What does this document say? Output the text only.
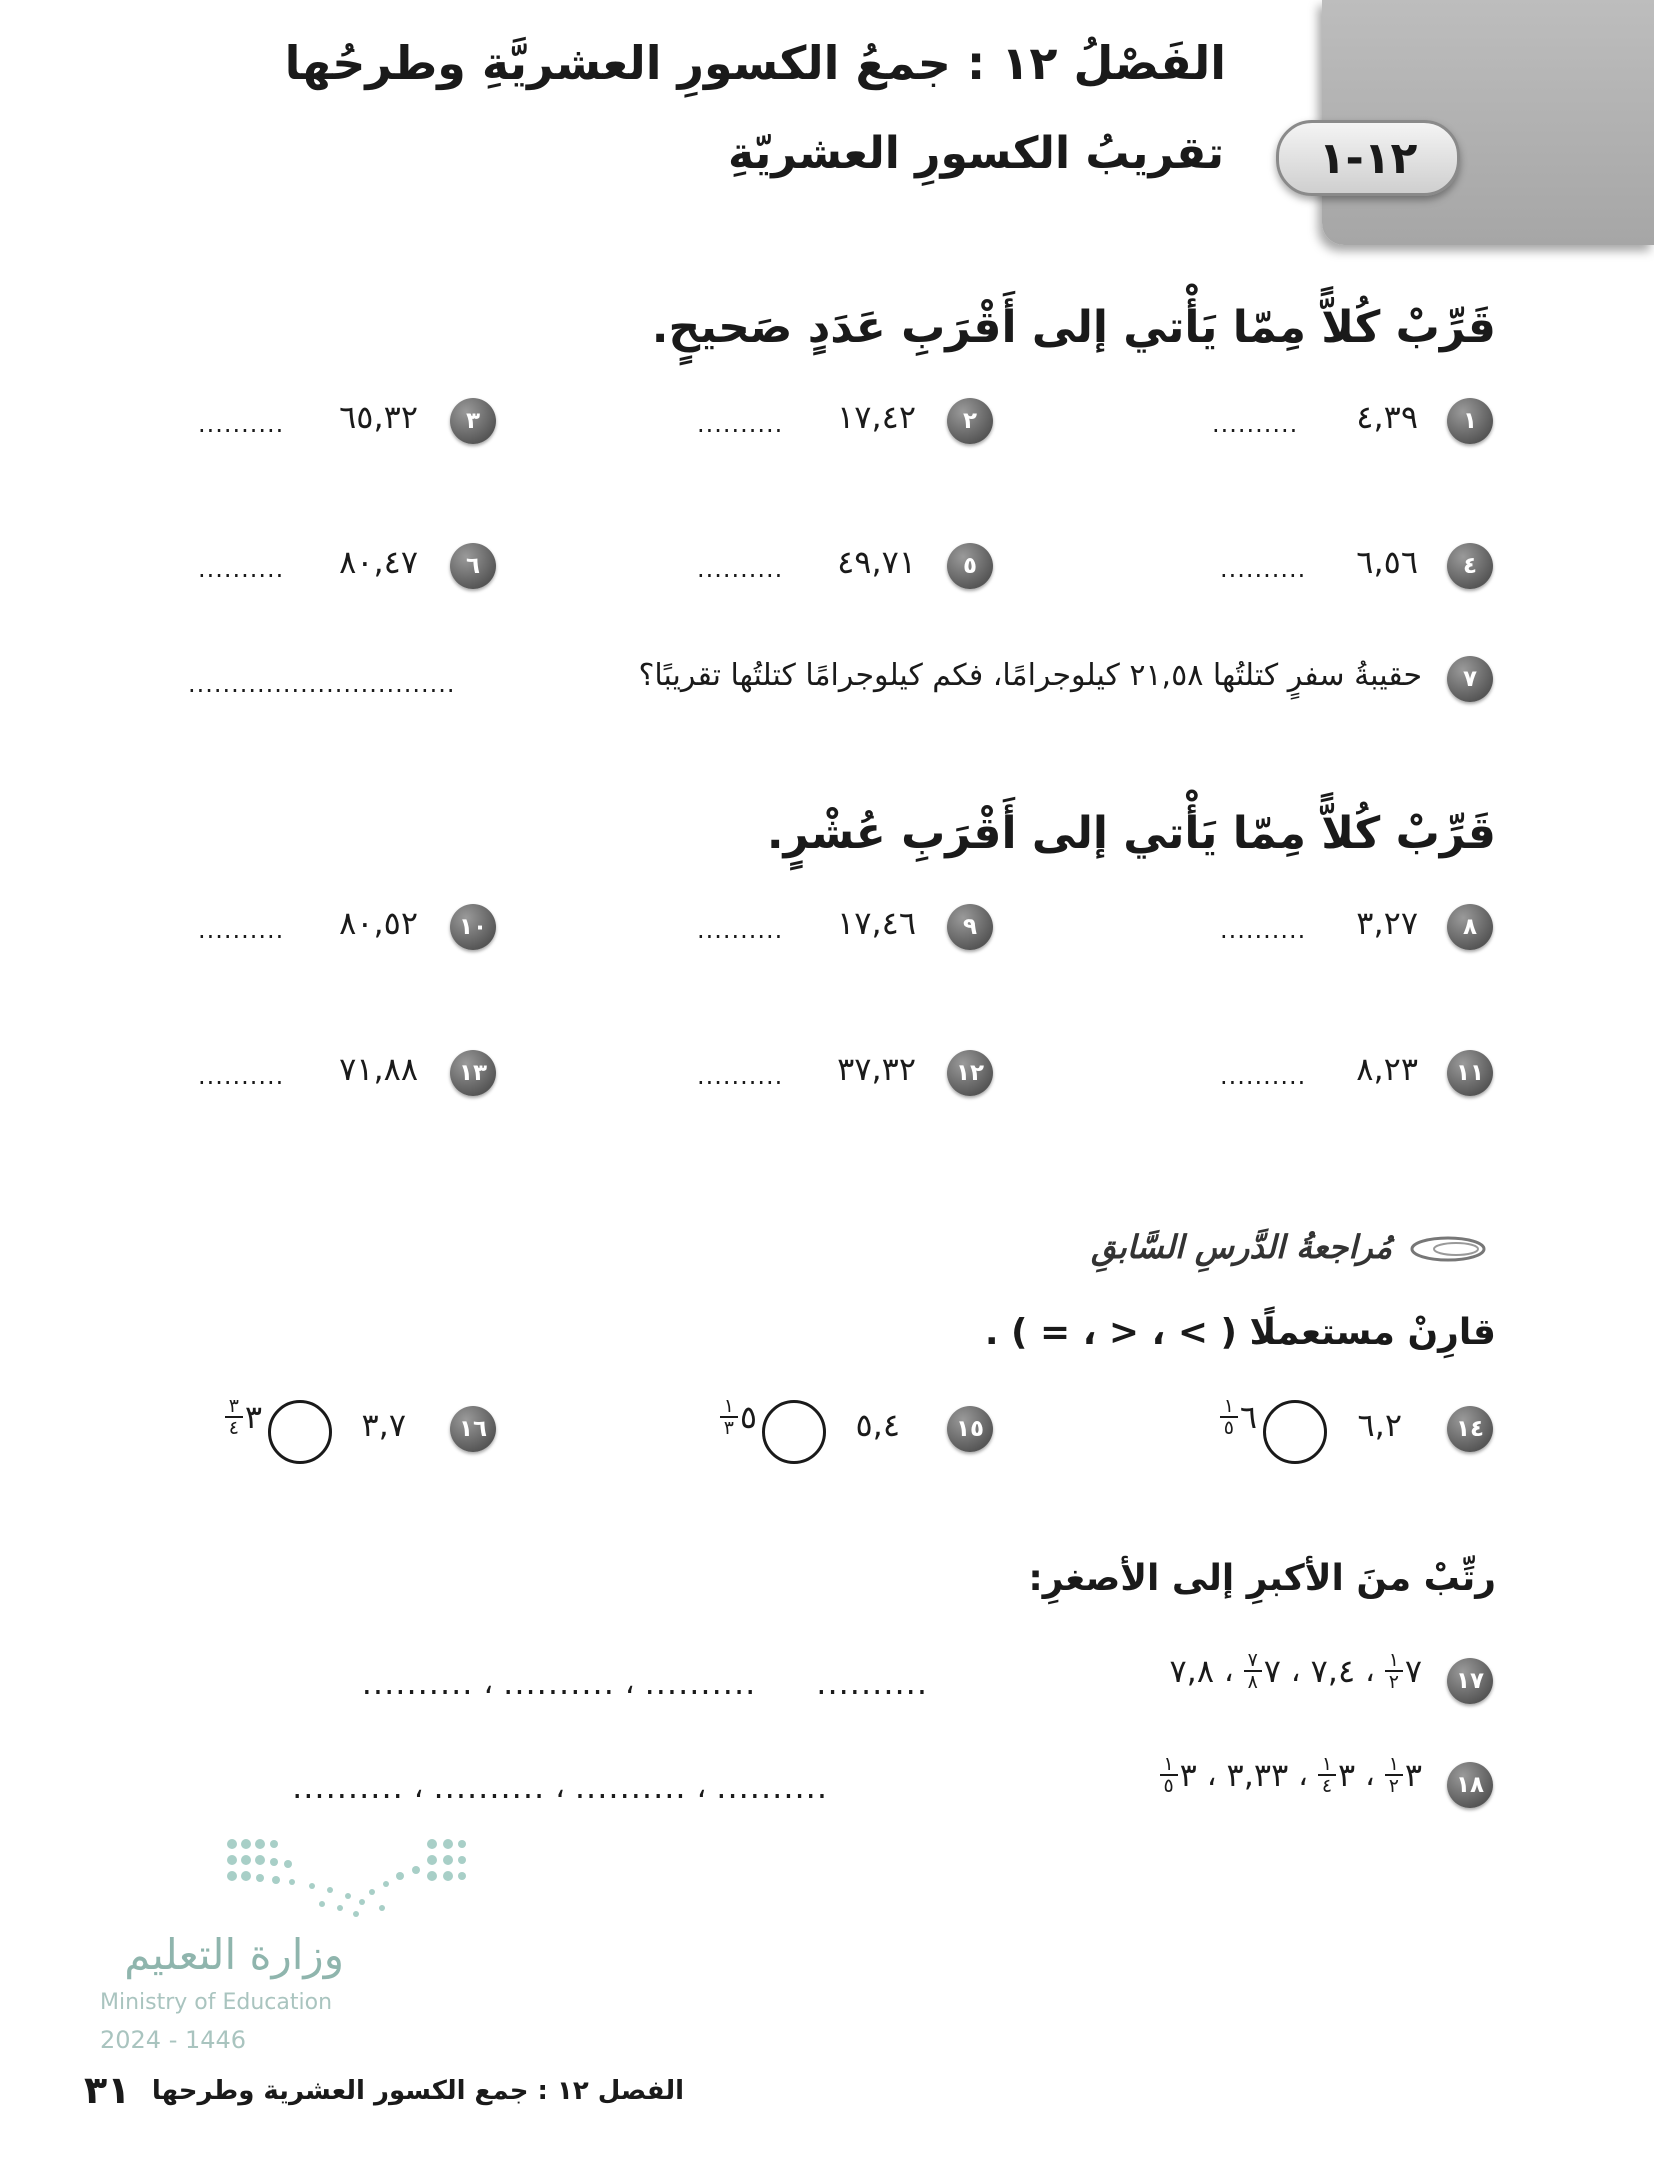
الفَصْلُ ١٢ : جمعُ الكسورِ العشريَّةِ وطرحُها
١٢-١
تقريبُ الكسورِ العشريّةِ
قَرِّبْ كُلاًّ مِمّا يَأْتي إلى أَقْرَبِ عَدَدٍ صَحيحٍ.
١
٤,٣٩
..........
٢
١٧,٤٢
..........
٣
٦٥,٣٢
..........
٤
٦,٥٦
..........
٥
٤٩,٧١
..........
٦
٨٠,٤٧
..........
٧
حقيبةُ سفرٍ كتلتُها ٢١,٥٨ كيلوجرامًا، فكم كيلوجرامًا كتلتُها تقريبًا؟
...............................
قَرِّبْ كُلاًّ مِمّا يَأْتي إلى أَقْرَبِ عُشْرٍ.
٨
٣,٢٧
..........
٩
١٧,٤٦
..........
١٠
٨٠,٥٢
..........
١١
٨,٢٣
..........
١٢
٣٧,٣٢
..........
١٣
٧١,٨٨
..........
مُراجعةُ الدَّرسِ السَّابقِ
قارِنْ مستعملًا ( > ، < ، = ) .
١٤
٦,٢
٦
$\frac{١}{٥}$
١٥
٥,٤
٥
$\frac{١}{٣}$
١٦
٣,٧
٣
$\frac{٣}{٤}$
رتِّبْ منَ الأكبرِ إلى الأصغرِ:
١٧
٧
$\frac{١}{٢}$
،
٧,٤
،
٧
$\frac{٧}{٨}$
،
٧,٨
..........
..........
،
..........
،
..........
١٨
٣
$\frac{١}{٢}$
،
٣
$\frac{١}{٤}$
،
٣,٣٣
،
٣
$\frac{١}{٥}$
..........
،
..........
،
..........
،
..........
وزارة التعليم
Ministry of Education
2024 - 1446
الفصل ١٢ : جمع الكسور العشرية وطرحها
٣١
